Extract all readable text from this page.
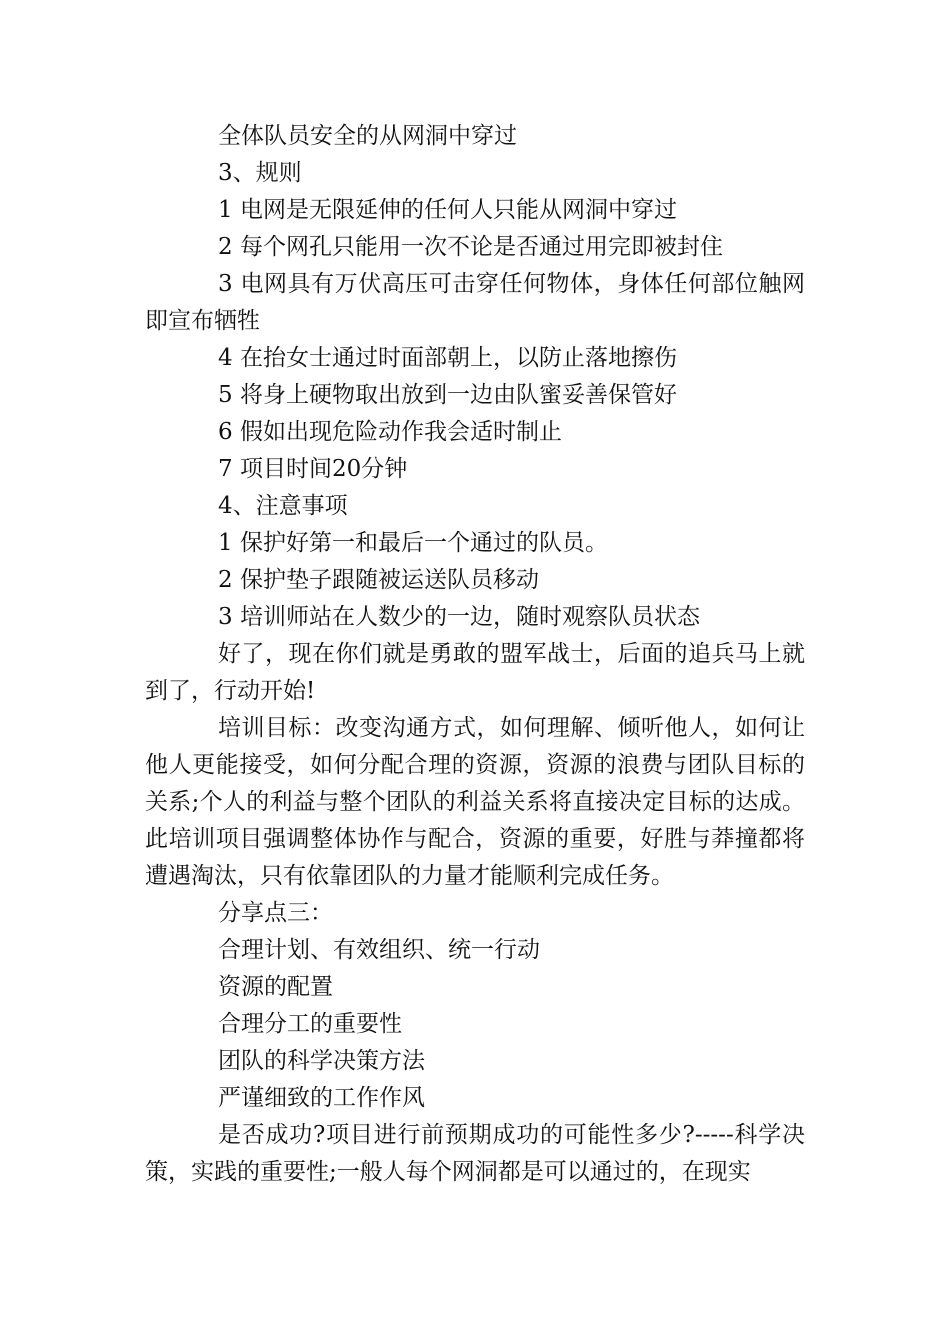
全体队员安全的从网洞中穿过

3、规则

1 电网是无限延伸的任何人只能从网洞中穿过

2 每个网孔只能用一次不论是否通过用完即被封住

3 电网具有万伏高压可击穿任何物体，身体任何部位触网即宣布牺牲

4 在抬女士通过时面部朝上，以防止落地擦伤

5 将身上硬物取出放到一边由队蜜妥善保管好

6 假如出现危险动作我会适时制止

7 项目时间20分钟

4、注意事项

1 保护好第一和最后一个通过的队员。

2 保护垫子跟随被运送队员移动

3 培训师站在人数少的一边，随时观察队员状态

好了，现在你们就是勇敢的盟军战士，后面的追兵马上就到了，行动开始!

培训目标：改变沟通方式，如何理解、倾听他人，如何让他人更能接受，如何分配合理的资源，资源的浪费与团队目标的关系;个人的利益与整个团队的利益关系将直接决定目标的达成。此培训项目强调整体协作与配合，资源的重要，好胜与莽撞都将遭遇淘汰，只有依靠团队的力量才能顺利完成任务。

分享点三：

合理计划、有效组织、统一行动

资源的配置

合理分工的重要性

团队的科学决策方法

严谨细致的工作作风

是否成功?项目进行前预期成功的可能性多少?-----科学决策，实践的重要性;一般人每个网洞都是可以通过的，在现实
